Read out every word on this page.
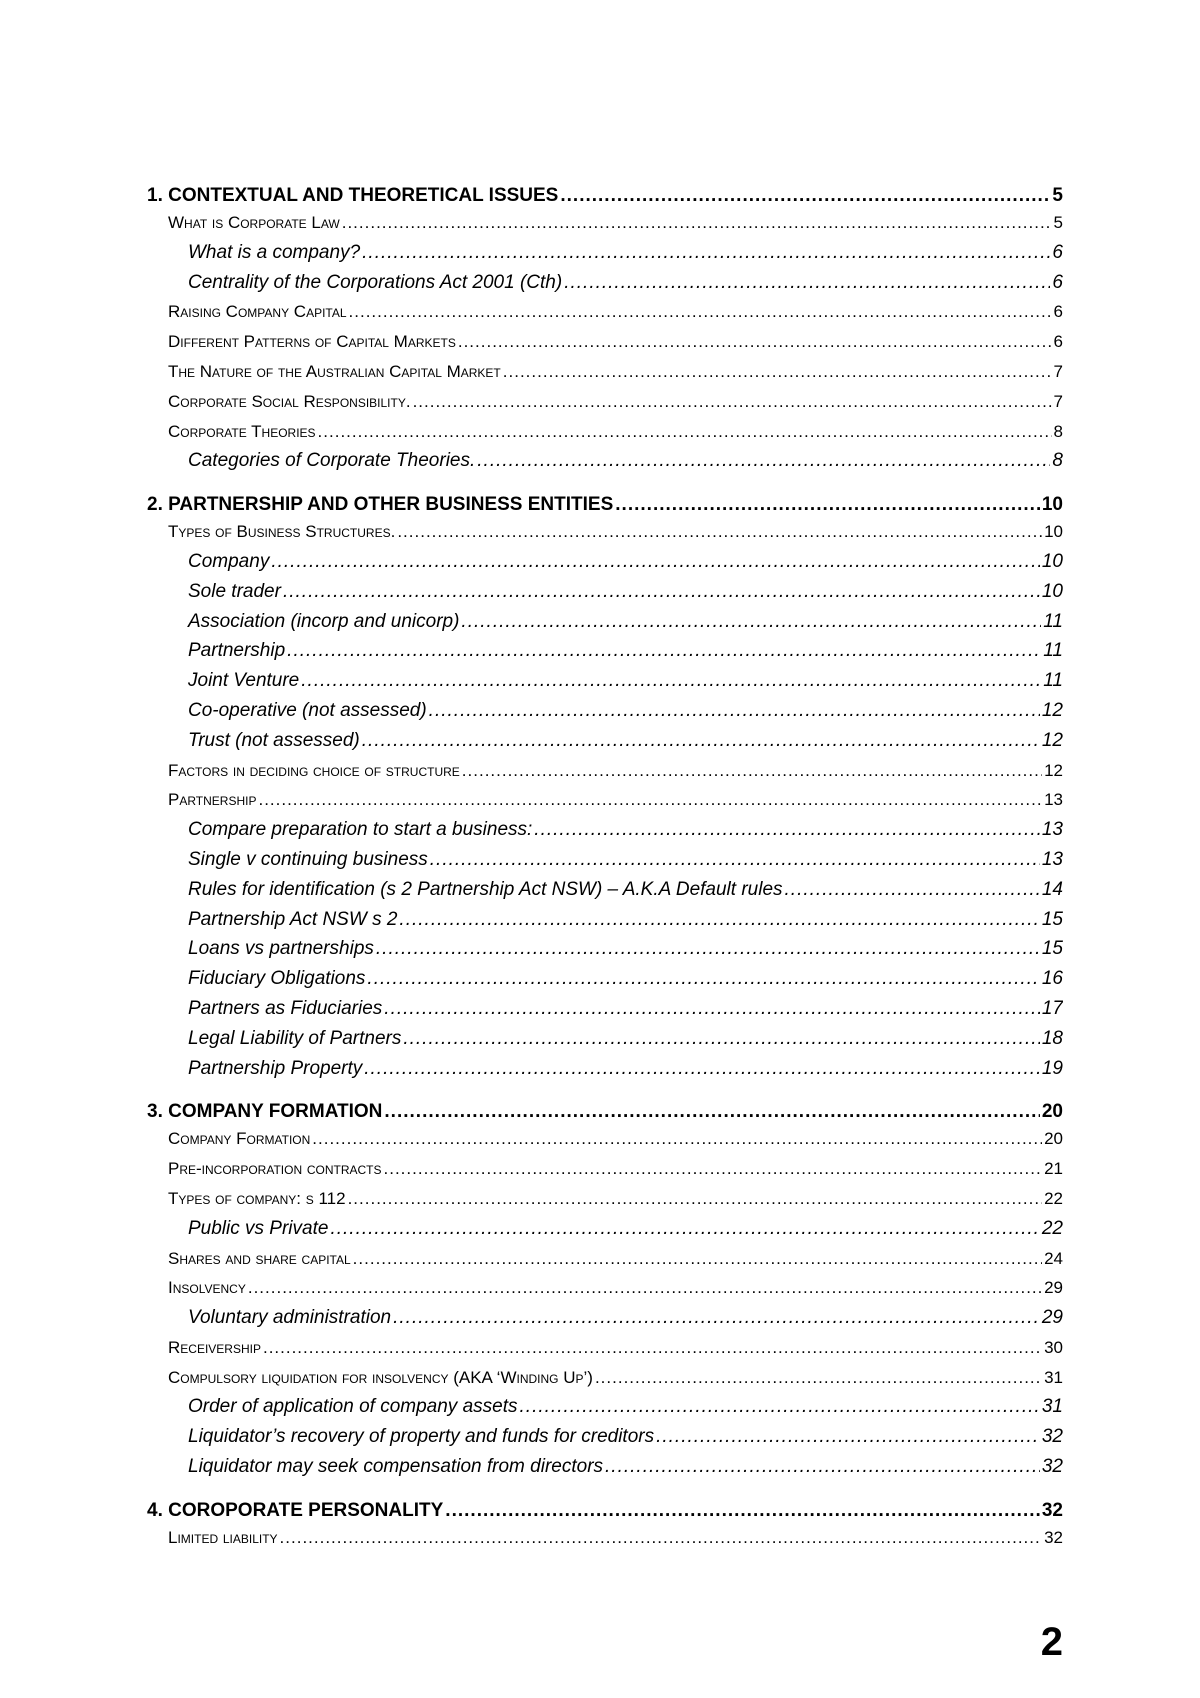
1. CONTEXTUAL AND THEORETICAL ISSUES .....	5
What is Corporate Law .....	5
What is a company? .....	6
Centrality of the Corporations Act 2001 (Cth) .....	6
Raising Company Capital .....	6
Different Patterns of Capital Markets .....	6
The Nature of the Australian Capital Market .....	7
Corporate Social Responsibility. .....	7
Corporate Theories .....	8
Categories of Corporate Theories. .....	8
2. PARTNERSHIP AND OTHER BUSINESS ENTITIES .....	10
Types of Business Structures. .....	10
Company .....	10
Sole trader .....	10
Association (incorp and unicorp) .....	11
Partnership .....	11
Joint Venture .....	11
Co-operative (not assessed) .....	12
Trust (not assessed) .....	12
Factors in deciding choice of structure .....	12
Partnership .....	13
Compare preparation to start a business: .....	13
Single v continuing business .....	13
Rules for identification (s 2 Partnership Act NSW) – A.K.A Default rules .....	14
Partnership Act NSW s 2 .....	15
Loans vs partnerships .....	15
Fiduciary Obligations .....	16
Partners as Fiduciaries .....	17
Legal Liability of Partners .....	18
Partnership Property .....	19
3. COMPANY FORMATION .....	20
Company Formation .....	20
Pre-incorporation contracts .....	21
Types of company: s 112 .....	22
Public vs Private .....	22
Shares and share capital .....	24
Insolvency .....	29
Voluntary administration .....	29
Receivership .....	30
Compulsory liquidation for insolvency (AKA ‘Winding Up’) .....	31
Order of application of company assets .....	31
Liquidator’s recovery of property and funds for creditors .....	32
Liquidator may seek compensation from directors .....	32
4. COROPORATE PERSONALITY .....	32
Limited liability .....	32
2
